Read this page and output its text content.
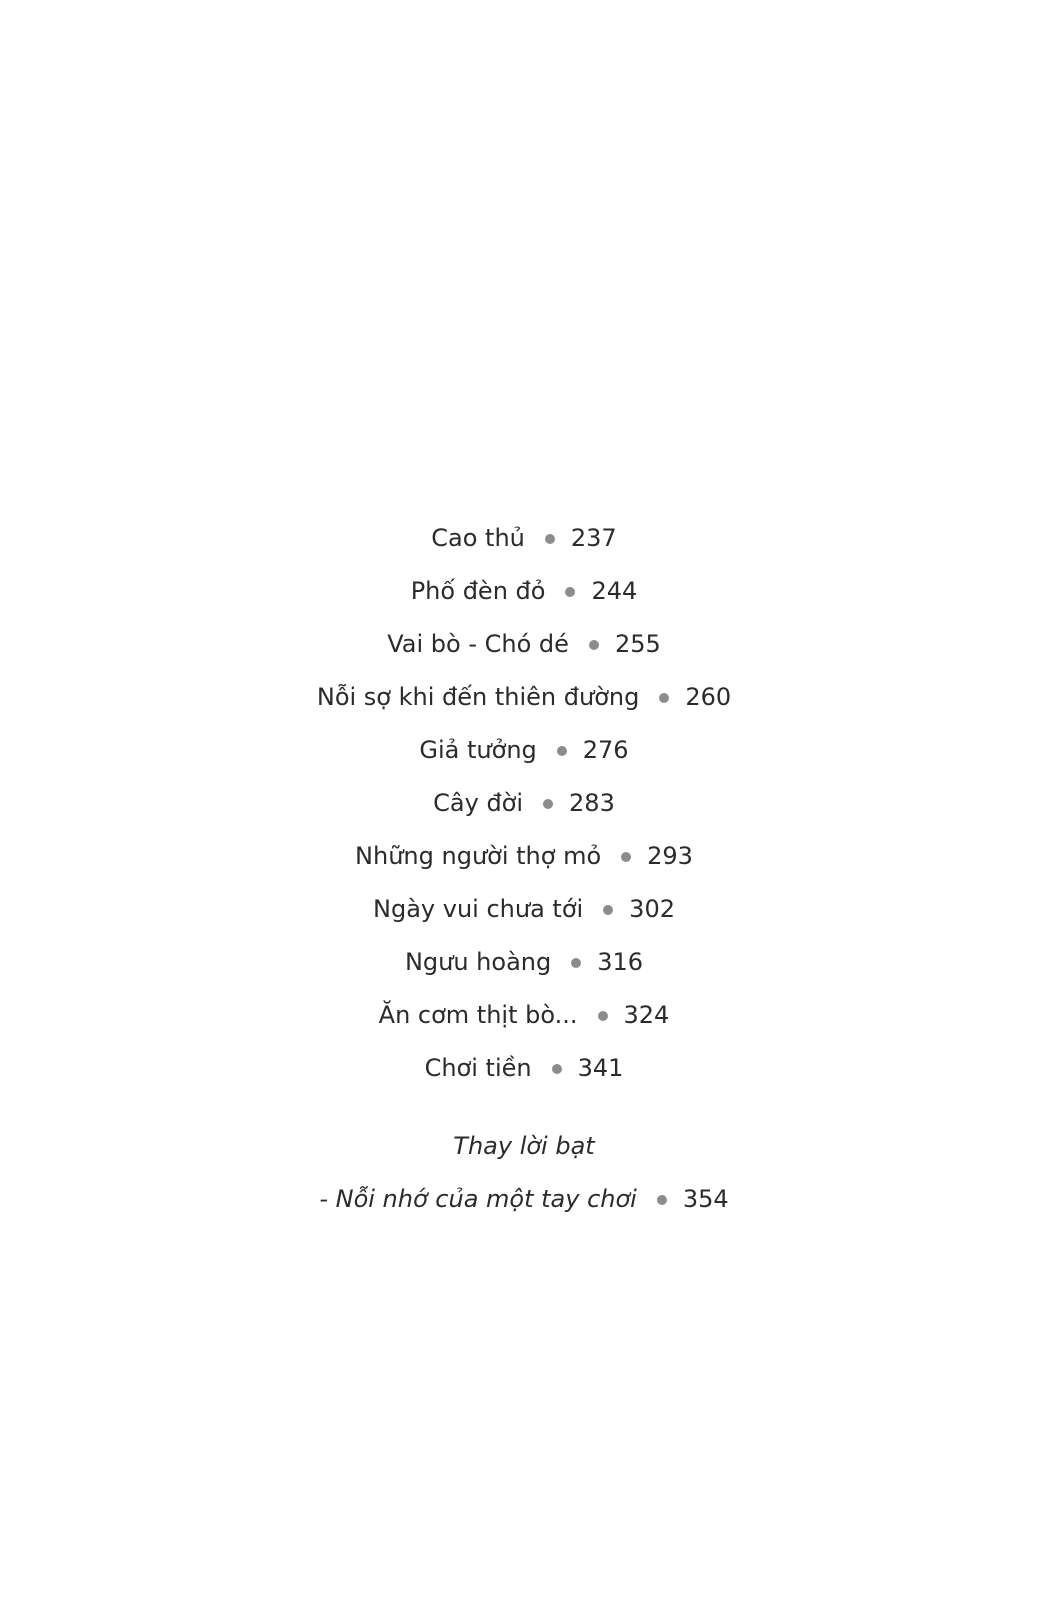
Cao thủ 237
Phố đèn đỏ 244
Vai bò - Chó dé 255
Nỗi sợ khi đến thiên đường 260
Giả tưởng 276
Cây đời 283
Những người thợ mỏ 293
Ngày vui chưa tới 302
Ngưu hoàng 316
Ăn cơm thịt bò... 324
Chơi tiền 341
Thay lời bạt
- Nỗi nhớ của một tay chơi 354
